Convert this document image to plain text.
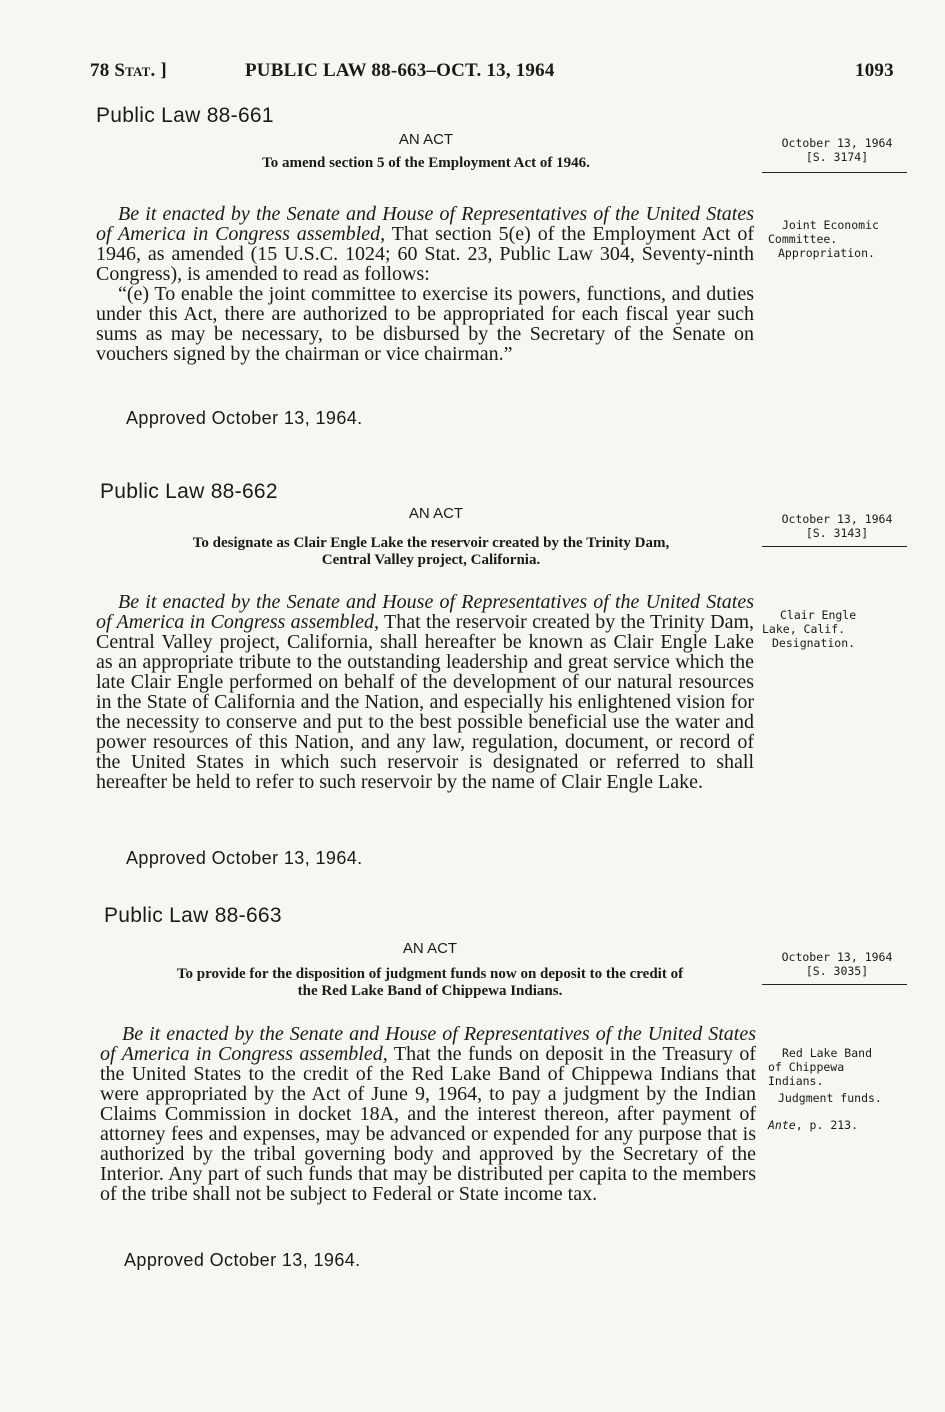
78 Stat. ]	PUBLIC LAW 88-663–OCT. 13, 1964	1093
Public Law 88-661
AN ACT
To amend section 5 of the Employment Act of 1946.

Be it enacted by the Senate and House of Representatives of the United States of America in Congress assembled, That section 5(e) of the Employment Act of 1946, as amended (15 U.S.C. 1024; 60 Stat. 23, Public Law 304, Seventy-ninth Congress), is amended to read as follows:

“(e) To enable the joint committee to exercise its powers, functions, and duties under this Act, there are authorized to be appropriated for each fiscal year such sums as may be necessary, to be disbursed by the Secretary of the Senate on vouchers signed by the chairman or vice chairman.”

Approved October 13, 1964.
October 13, 1964
[S. 3174]
Joint Economic
Committee.
Appropriation.
Public Law 88-662
AN ACT
To designate as Clair Engle Lake the reservoir created by the Trinity Dam,
Central Valley project, California.

Be it enacted by the Senate and House of Representatives of the United States of America in Congress assembled, That the reservoir created by the Trinity Dam, Central Valley project, California, shall hereafter be known as Clair Engle Lake as an appropriate tribute to the outstanding leadership and great service which the late Clair Engle performed on behalf of the development of our natural resources in the State of California and the Nation, and especially his enlightened vision for the necessity to conserve and put to the best possible beneficial use the water and power resources of this Nation, and any law, regulation, document, or record of the United States in which such reservoir is designated or referred to shall hereafter be held to refer to such reservoir by the name of Clair Engle Lake.

Approved October 13, 1964.
October 13, 1964
[S. 3143]
Clair Engle
Lake, Calif.
Designation.
Public Law 88-663
AN ACT
To provide for the disposition of judgment funds now on deposit to the credit of
the Red Lake Band of Chippewa Indians.

Be it enacted by the Senate and House of Representatives of the United States of America in Congress assembled, That the funds on deposit in the Treasury of the United States to the credit of the Red Lake Band of Chippewa Indians that were appropriated by the Act of June 9, 1964, to pay a judgment by the Indian Claims Commission in docket 18A, and the interest thereon, after payment of attorney fees and expenses, may be advanced or expended for any purpose that is authorized by the tribal governing body and approved by the Secretary of the Interior. Any part of such funds that may be distributed per capita to the members of the tribe shall not be subject to Federal or State income tax.

Approved October 13, 1964.
October 13, 1964
[S. 3035]
Red Lake Band
of Chippewa
Indians.
Judgment funds.
Ante, p. 213.
